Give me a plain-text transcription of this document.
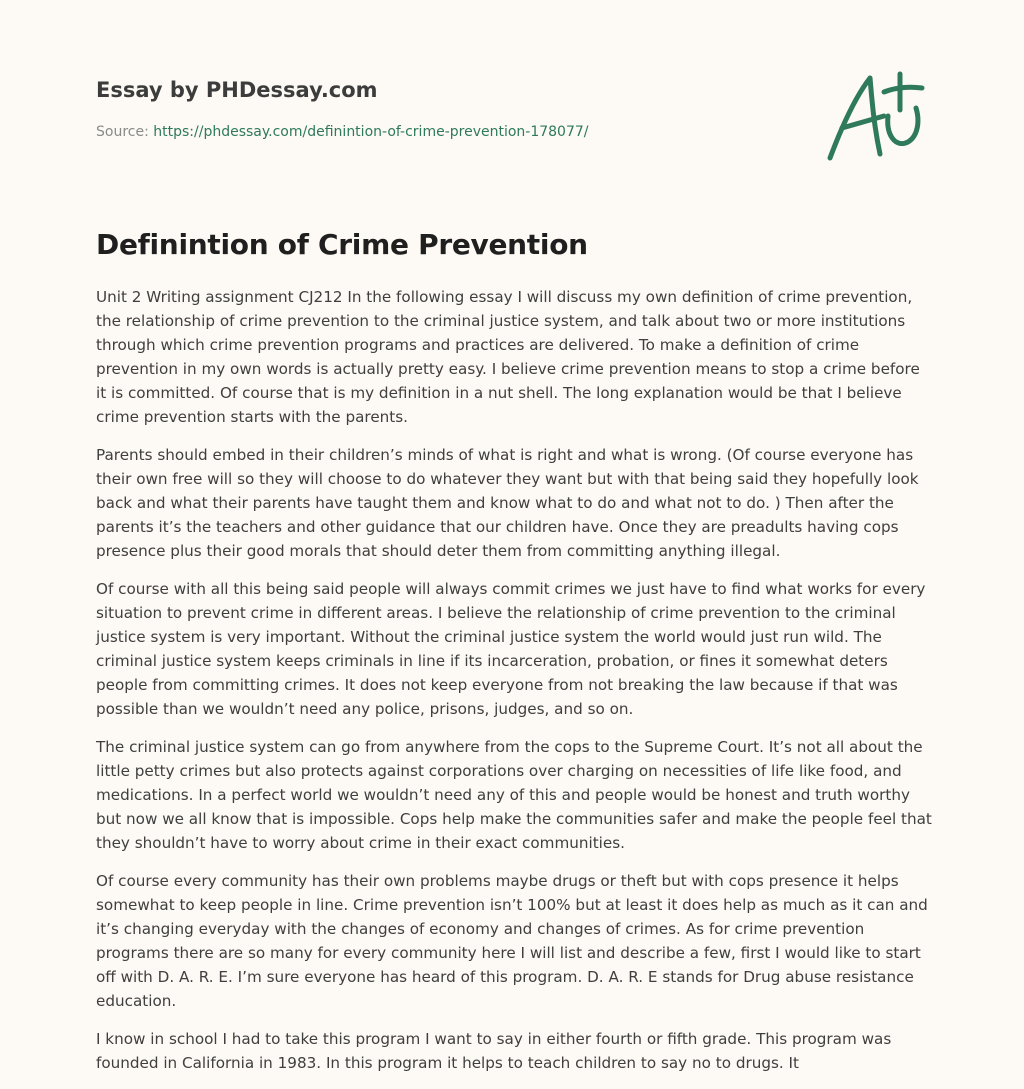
Essay by PHDessay.com
Source: https://phdessay.com/definintion-of-crime-prevention-178077/
Definintion of Crime Prevention

Unit 2 Writing assignment CJ212 In the following essay I will discuss my own definition of crime prevention, the relationship of crime prevention to the criminal justice system, and talk about two or more institutions through which crime prevention programs and practices are delivered. To make a definition of crime prevention in my own words is actually pretty easy. I believe crime prevention means to stop a crime before it is committed. Of course that is my definition in a nut shell. The long explanation would be that I believe crime prevention starts with the parents.

Parents should embed in their children’s minds of what is right and what is wrong. (Of course everyone has their own free will so they will choose to do whatever they want but with that being said they hopefully look back and what their parents have taught them and know what to do and what not to do. ) Then after the parents it’s the teachers and other guidance that our children have. Once they are preadults having cops presence plus their good morals that should deter them from committing anything illegal.

Of course with all this being said people will always commit crimes we just have to find what works for every situation to prevent crime in different areas. I believe the relationship of crime prevention to the criminal justice system is very important. Without the criminal justice system the world would just run wild. The criminal justice system keeps criminals in line if its incarceration, probation, or fines it somewhat deters people from committing crimes. It does not keep everyone from not breaking the law because if that was possible than we wouldn’t need any police, prisons, judges, and so on.

The criminal justice system can go from anywhere from the cops to the Supreme Court. It’s not all about the little petty crimes but also protects against corporations over charging on necessities of life like food, and medications. In a perfect world we wouldn’t need any of this and people would be honest and truth worthy but now we all know that is impossible. Cops help make the communities safer and make the people feel that they shouldn’t have to worry about crime in their exact communities.

Of course every community has their own problems maybe drugs or theft but with cops presence it helps somewhat to keep people in line. Crime prevention isn’t 100% but at least it does help as much as it can and it’s changing everyday with the changes of economy and changes of crimes. As for crime prevention programs there are so many for every community here I will list and describe a few, first I would like to start off with D. A. R. E. I’m sure everyone has heard of this program. D. A. R. E stands for Drug abuse resistance education.

I know in school I had to take this program I want to say in either fourth or fifth grade. This program was founded in California in 1983. In this program it helps to teach children to say no to drugs. It
